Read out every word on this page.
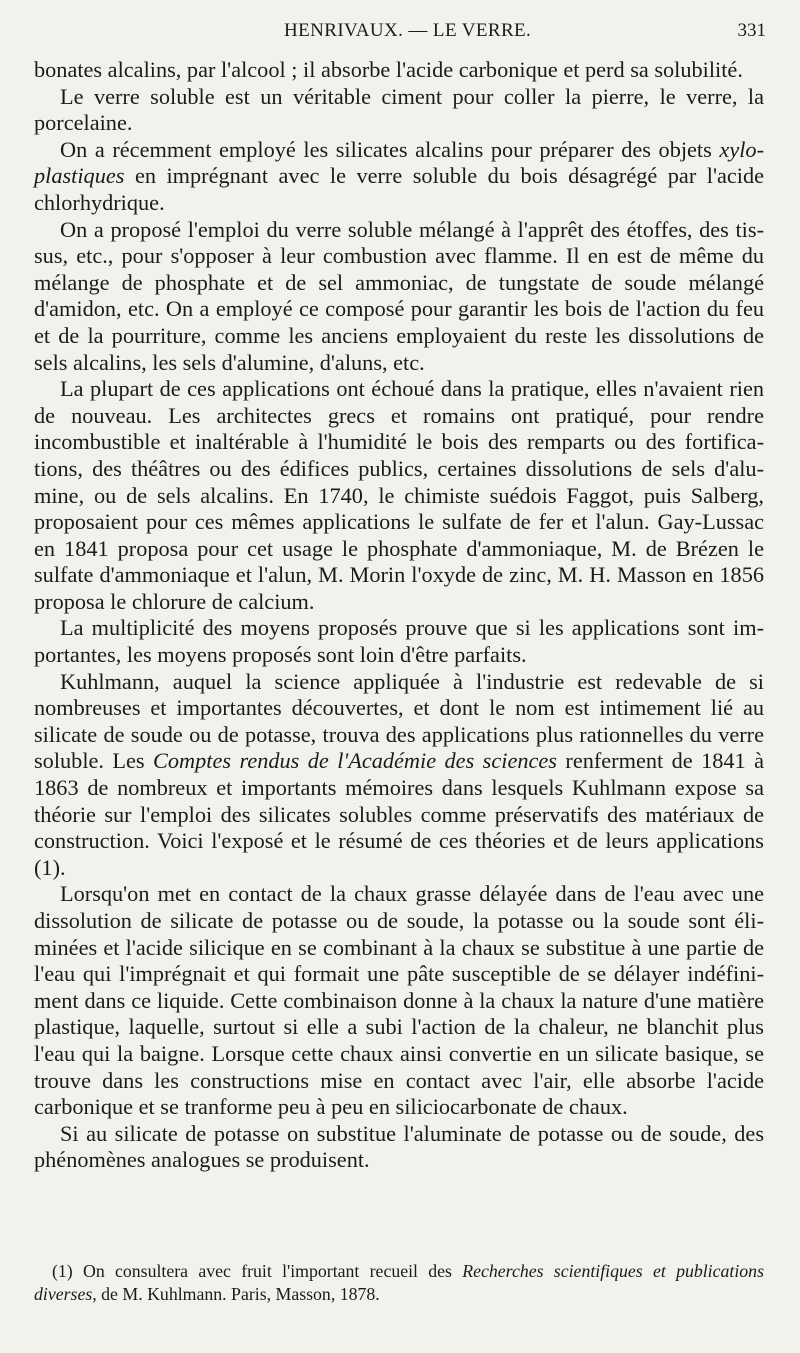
HENRIVAUX. — LE VERRE.	331

bonates alcalins, par l'alcool ; il absorbe l'acide carbonique et perd sa solubilité.

Le verre soluble est un véritable ciment pour coller la pierre, le verre, la porcelaine.

On a récemment employé les silicates alcalins pour préparer des objets xyloplastiques en imprégnant avec le verre soluble du bois désagrégé par l'acide chlorhydrique.

On a proposé l'emploi du verre soluble mélangé à l'apprêt des étoffes, des tissus, etc., pour s'opposer à leur combustion avec flamme. Il en est de même du mélange de phosphate et de sel ammoniac, de tungstate de soude mélangé d'amidon, etc. On a employé ce composé pour garantir les bois de l'action du feu et de la pourriture, comme les anciens employaient du reste les dissolutions de sels alcalins, les sels d'alumine, d'aluns, etc.

La plupart de ces applications ont échoué dans la pratique, elles n'avaient rien de nouveau. Les architectes grecs et romains ont pratiqué, pour rendre incombustible et inaltérable à l'humidité le bois des remparts ou des fortifications, des théâtres ou des édifices publics, certaines dissolutions de sels d'alumine, ou de sels alcalins. En 1740, le chimiste suédois Faggot, puis Salberg, proposaient pour ces mêmes applications le sulfate de fer et l'alun. Gay-Lussac en 1841 proposa pour cet usage le phosphate d'ammoniaque, M. de Brézen le sulfate d'ammoniaque et l'alun, M. Morin l'oxyde de zinc, M. H. Masson en 1856 proposa le chlorure de calcium.

La multiplicité des moyens proposés prouve que si les applications sont importantes, les moyens proposés sont loin d'être parfaits.

Kuhlmann, auquel la science appliquée à l'industrie est redevable de si nombreuses et importantes découvertes, et dont le nom est intimement lié au silicate de soude ou de potasse, trouva des applications plus rationnelles du verre soluble. Les Comptes rendus de l'Académie des sciences renferment de 1841 à 1863 de nombreux et importants mémoires dans lesquels Kuhlmann expose sa théorie sur l'emploi des silicates solubles comme préservatifs des matériaux de construction. Voici l'exposé et le résumé de ces théories et de leurs applications (1).

Lorsqu'on met en contact de la chaux grasse délayée dans de l'eau avec une dissolution de silicate de potasse ou de soude, la potasse ou la soude sont éliminées et l'acide silicique en se combinant à la chaux se substitue à une partie de l'eau qui l'imprégnait et qui formait une pâte susceptible de se délayer indéfiniment dans ce liquide. Cette combinaison donne à la chaux la nature d'une matière plastique, laquelle, surtout si elle a subi l'action de la chaleur, ne blanchit plus l'eau qui la baigne. Lorsque cette chaux ainsi convertie en un silicate basique, se trouve dans les constructions mise en contact avec l'air, elle absorbe l'acide carbonique et se tranforme peu à peu en siliciocarbonate de chaux.

Si au silicate de potasse on substitue l'aluminate de potasse ou de soude, des phénomènes analogues se produisent.

(1) On consultera avec fruit l'important recueil des Recherches scientifiques et publications diverses, de M. Kuhlmann. Paris, Masson, 1878.
